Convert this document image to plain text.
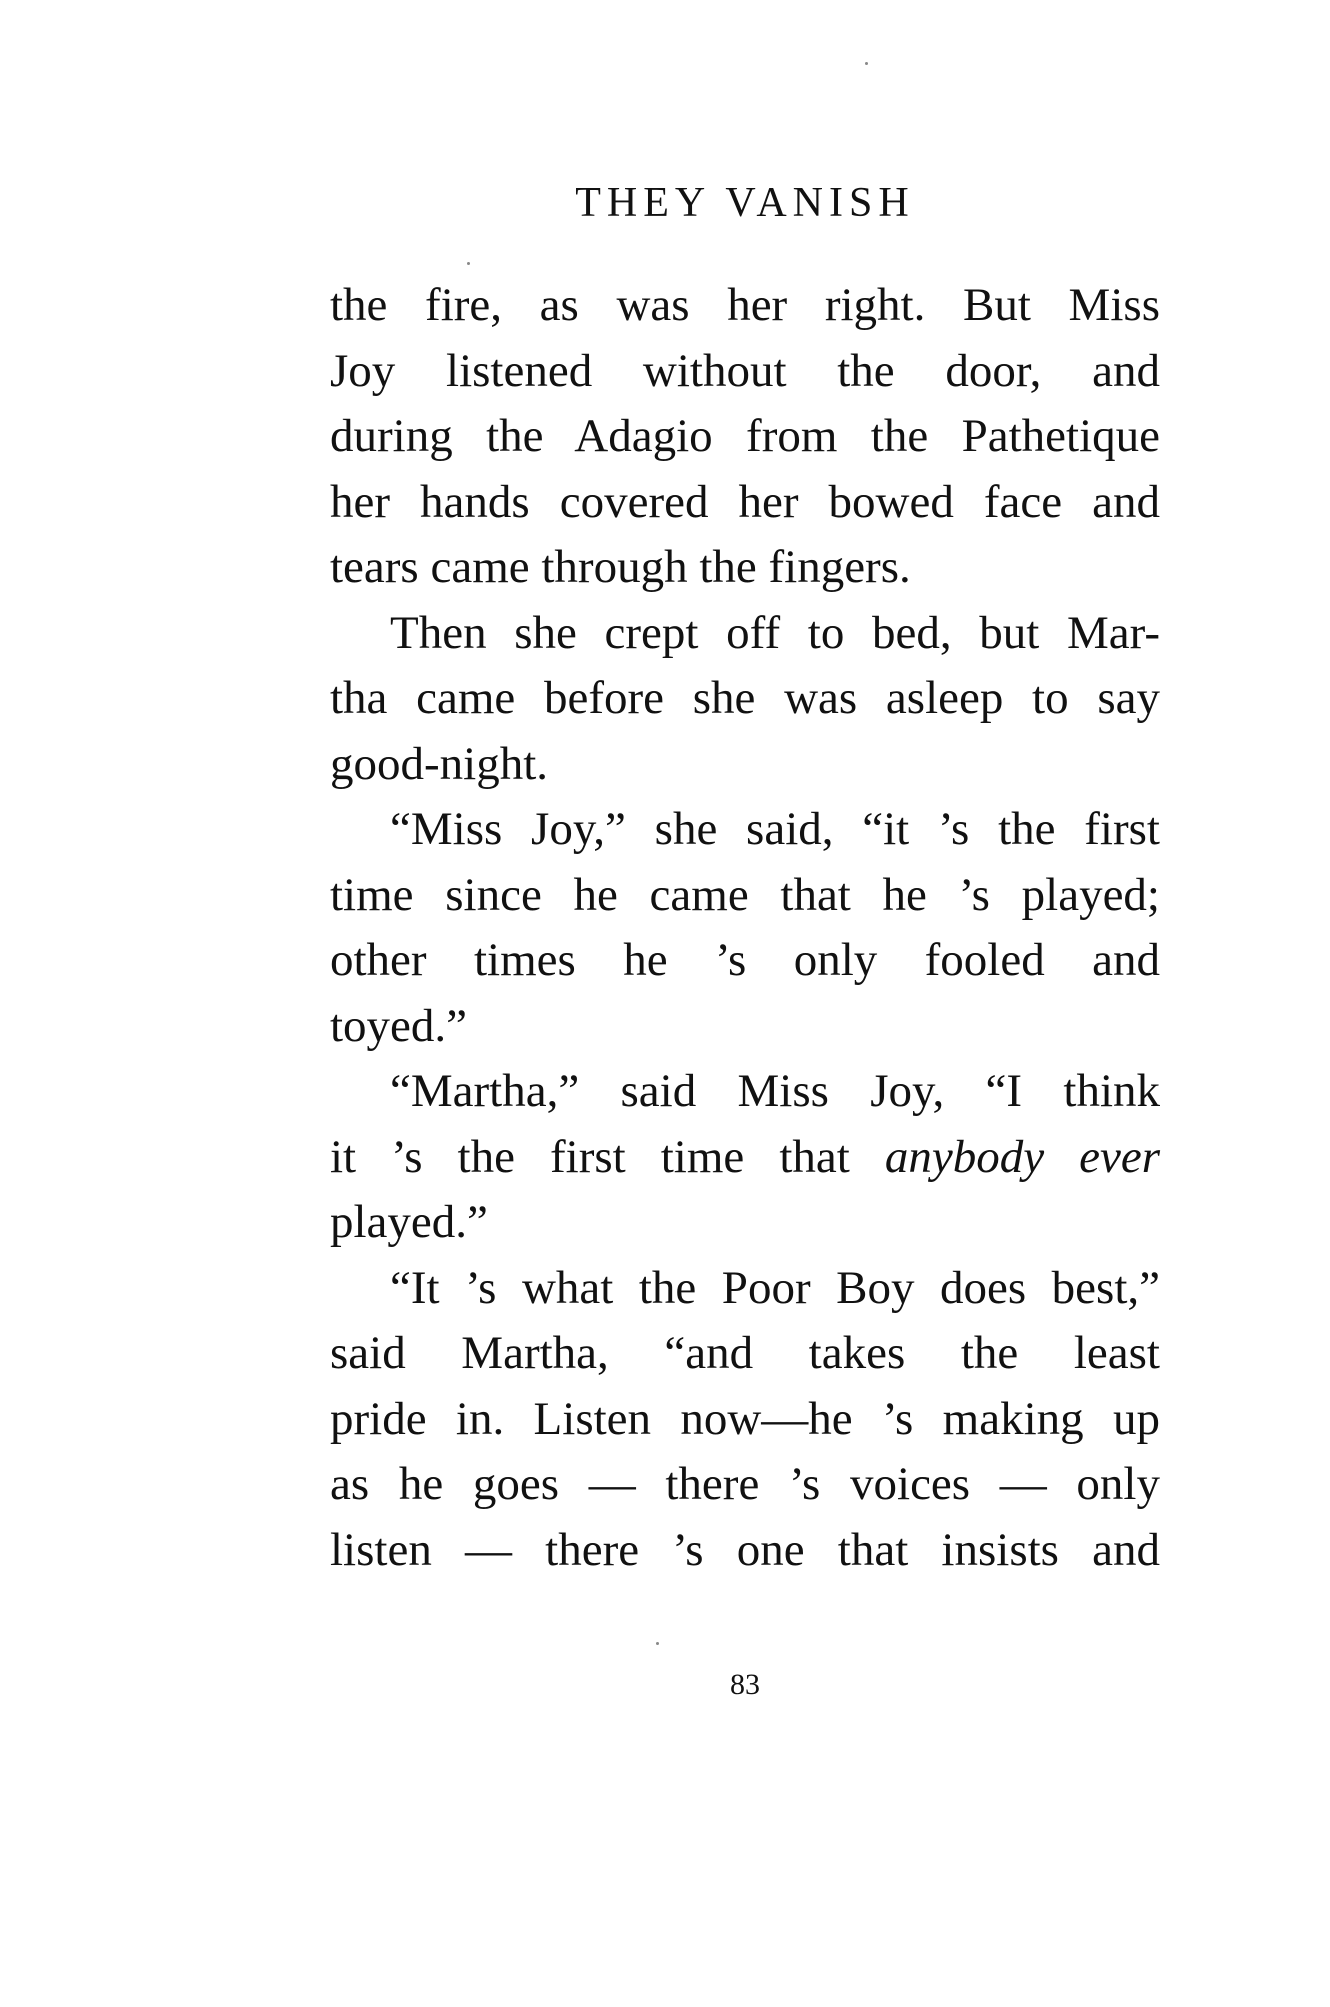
THEY VANISH
the fire, as was her right. But Miss
Joy listened without the door, and
during the Adagio from the Pathetique
her hands covered her bowed face and
tears came through the fingers.
Then she crept off to bed, but Mar-
tha came before she was asleep to say
good-night.
“Miss Joy,” she said, “it ’s the first
time since he came that he ’s played;
other times he ’s only fooled and
toyed.”
“Martha,” said Miss Joy, “I think
it ’s the first time that anybody ever
played.”
“It ’s what the Poor Boy does best,”
said Martha, “and takes the least
pride in. Listen now—he ’s making up
as he goes — there ’s voices — only
listen — there ’s one that insists and
83
